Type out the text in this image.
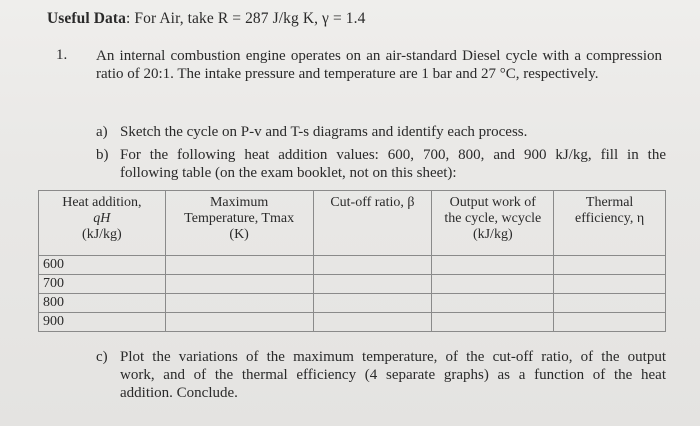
Useful Data: For Air, take R = 287 J/kg K, γ = 1.4
1. An internal combustion engine operates on an air-standard Diesel cycle with a compression ratio of 20:1. The intake pressure and temperature are 1 bar and 27 °C, respectively.
a) Sketch the cycle on P-v and T-s diagrams and identify each process.
b) For the following heat addition values: 600, 700, 800, and 900 kJ/kg, fill in the
following table (on the exam booklet, not on this sheet):
Heat addition,
qH
(kJ/kg)	Maximum
Temperature, Tmax
(K)	Cut-off ratio, β	Output work of
the cycle, wcycle
(kJ/kg)	Thermal
efficiency, η

600				
700				
800				
900				
c) Plot the variations of the maximum temperature, of the cut-off ratio, of the output
work, and of the thermal efficiency (4 separate graphs) as a function of the heat
addition. Conclude.
